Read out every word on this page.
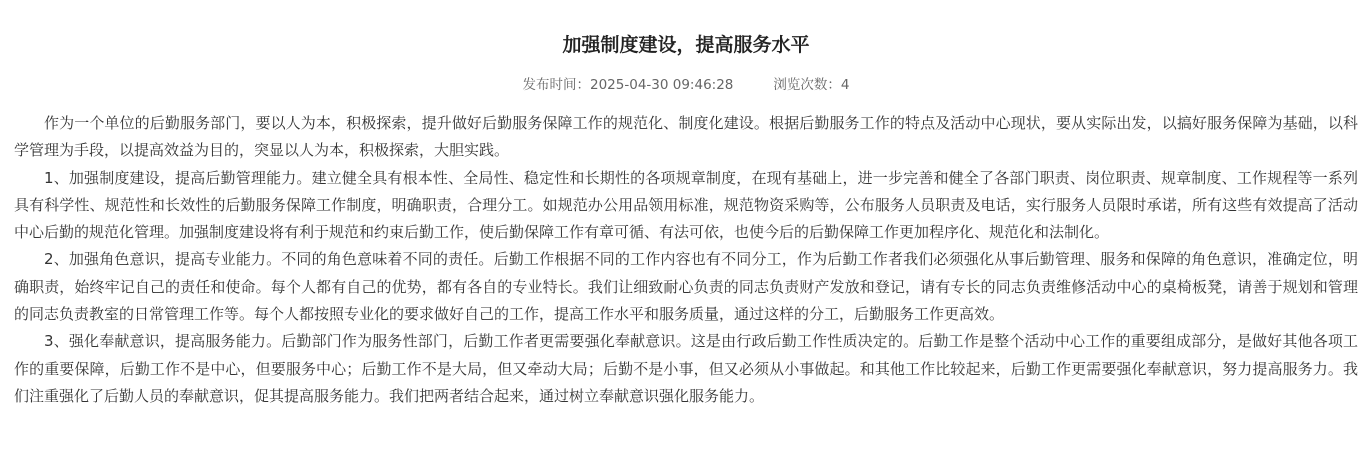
加强制度建设，提高服务水平
发布时间：2025-04-30 09:46:28	浏览次数：4

作为一个单位的后勤服务部门，要以人为本，积极探索，提升做好后勤服务保障工作的规范化、制度化建设。根据后勤服务工作的特点及活动中心现状，要从实际出发，以搞好服务保障为基础，以科学管理为手段，以提高效益为目的，突显以人为本，积极探索，大胆实践。

1、加强制度建设，提高后勤管理能力。建立健全具有根本性、全局性、稳定性和长期性的各项规章制度，在现有基础上，进一步完善和健全了各部门职责、岗位职责、规章制度、工作规程等一系列具有科学性、规范性和长效性的后勤服务保障工作制度，明确职责，合理分工。如规范办公用品领用标准，规范物资采购等，公布服务人员职责及电话，实行服务人员限时承诺，所有这些有效提高了活动中心后勤的规范化管理。加强制度建设将有利于规范和约束后勤工作，使后勤保障工作有章可循、有法可依，也使今后的后勤保障工作更加程序化、规范化和法制化。

2、加强角色意识，提高专业能力。不同的角色意味着不同的责任。后勤工作根据不同的工作内容也有不同分工，作为后勤工作者我们必须强化从事后勤管理、服务和保障的角色意识，准确定位，明确职责，始终牢记自己的责任和使命。每个人都有自己的优势，都有各自的专业特长。我们让细致耐心负责的同志负责财产发放和登记，请有专长的同志负责维修活动中心的桌椅板凳，请善于规划和管理的同志负责教室的日常管理工作等。每个人都按照专业化的要求做好自己的工作，提高工作水平和服务质量，通过这样的分工，后勤服务工作更高效。

3、强化奉献意识，提高服务能力。后勤部门作为服务性部门，后勤工作者更需要强化奉献意识。这是由行政后勤工作性质决定的。后勤工作是整个活动中心工作的重要组成部分，是做好其他各项工作的重要保障，后勤工作不是中心，但要服务中心；后勤工作不是大局，但又牵动大局；后勤不是小事，但又必须从小事做起。和其他工作比较起来，后勤工作更需要强化奉献意识，努力提高服务力。我们注重强化了后勤人员的奉献意识，促其提高服务能力。我们把两者结合起来，通过树立奉献意识强化服务能力。
